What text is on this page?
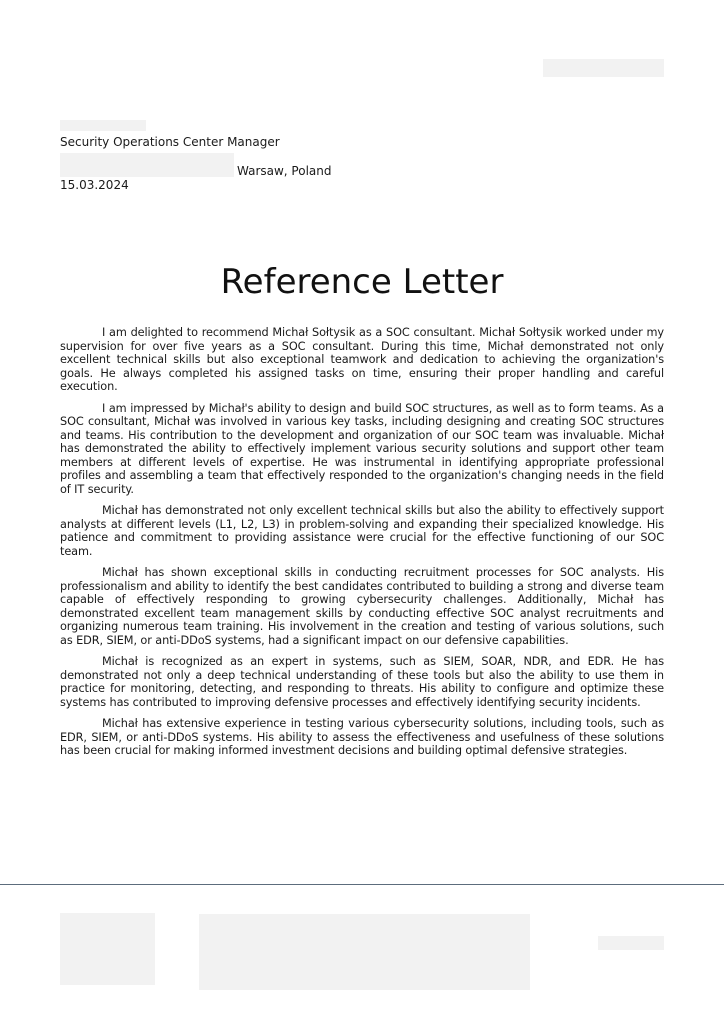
Security Operations Center Manager
Warsaw, Poland
15.03.2024
Reference Letter

I am delighted to recommend Michał Sołtysik as a SOC consultant. Michał Sołtysik worked under my supervision for over five years as a SOC consultant. During this time, Michał demonstrated not only excellent technical skills but also exceptional teamwork and dedication to achieving the organization's goals. He always completed his assigned tasks on time, ensuring their proper handling and careful execution.

I am impressed by Michał's ability to design and build SOC structures, as well as to form teams. As a SOC consultant, Michał was involved in various key tasks, including designing and creating SOC structures and teams. His contribution to the development and organization of our SOC team was invaluable. Michał has demonstrated the ability to effectively implement various security solutions and support other team members at different levels of expertise. He was instrumental in identifying appropriate professional profiles and assembling a team that effectively responded to the organization's changing needs in the field of IT security.

Michał has demonstrated not only excellent technical skills but also the ability to effectively support analysts at different levels (L1, L2, L3) in problem-solving and expanding their specialized knowledge. His patience and commitment to providing assistance were crucial for the effective functioning of our SOC team.

Michał has shown exceptional skills in conducting recruitment processes for SOC analysts. His professionalism and ability to identify the best candidates contributed to building a strong and diverse team capable of effectively responding to growing cybersecurity challenges. Additionally, Michał has demonstrated excellent team management skills by conducting effective SOC analyst recruitments and organizing numerous team training. His involvement in the creation and testing of various solutions, such as EDR, SIEM, or anti-DDoS systems, had a significant impact on our defensive capabilities.

Michał is recognized as an expert in systems, such as SIEM, SOAR, NDR, and EDR. He has demonstrated not only a deep technical understanding of these tools but also the ability to use them in practice for monitoring, detecting, and responding to threats. His ability to configure and optimize these systems has contributed to improving defensive processes and effectively identifying security incidents.

Michał has extensive experience in testing various cybersecurity solutions, including tools, such as EDR, SIEM, or anti-DDoS systems. His ability to assess the effectiveness and usefulness of these solutions has been crucial for making informed investment decisions and building optimal defensive strategies.
